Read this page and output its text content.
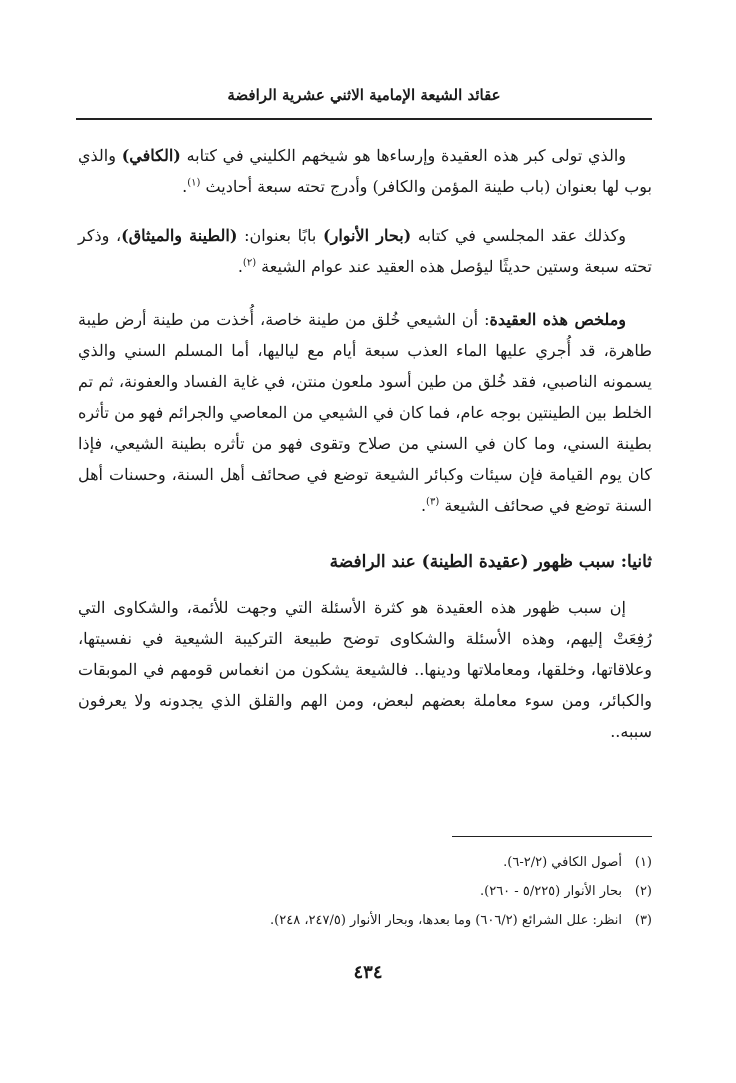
عقائد الشيعة الإمامية الاثني عشرية الرافضة

والذي تولى كبر هذه العقيدة وإرساءها هو شيخهم الكليني في كتابه (الكافي) والذي بوب لها بعنوان (باب طينة المؤمن والكافر) وأدرج تحته سبعة أحاديث $^{(١)}$.

وكذلك عقد المجلسي في كتابه (بحار الأنوار) بابًا بعنوان: (الطينة والميثاق)، وذكر تحته سبعة وستين حديثًا ليؤصل هذه العقيد عند عوام الشيعة $^{(٢)}$.

وملخص هذه العقيدة: أن الشيعي خُلق من طينة خاصة، أُخذت من طينة أرض طيبة طاهرة، قد أُجري عليها الماء العذب سبعة أيام مع لياليها، أما المسلم السني والذي يسمونه الناصبي، فقد خُلق من طين أسود ملعون منتن، في غاية الفساد والعفونة، ثم تم الخلط بين الطينتين بوجه عام، فما كان في الشيعي من المعاصي والجرائم فهو من تأثره بطينة السني، وما كان في السني من صلاح وتقوى فهو من تأثره بطينة الشيعي، فإذا كان يوم القيامة فإن سيئات وكبائر الشيعة توضع في صحائف أهل السنة، وحسنات أهل السنة توضع في صحائف الشيعة $^{(٣)}$.

ثانيا: سبب ظهور (عقيدة الطينة) عند الرافضة

إن سبب ظهور هذه العقيدة هو كثرة الأسئلة التي وجهت للأئمة، والشكاوى التي رُفِعَتْ إليهم، وهذه الأسئلة والشكاوى توضح طبيعة التركيبة الشيعية في نفسيتها، وعلاقاتها، وخلقها، ومعاملاتها ودينها.. فالشيعة يشكون من انغماس قومهم في الموبقات والكبائر، ومن سوء معاملة بعضهم لبعض، ومن الهم والقلق الذي يجدونه ولا يعرفون سببه..

(١)أصول الكافي (٢/٢-٦).

(٢)بحار الأنوار (٥/٢٢٥ - ٢٦٠).

(٣)انظر: علل الشرائع (٦٠٦/٢) وما بعدها، وبحار الأنوار (٢٤٧/٥، ٢٤٨).

٤٣٤
